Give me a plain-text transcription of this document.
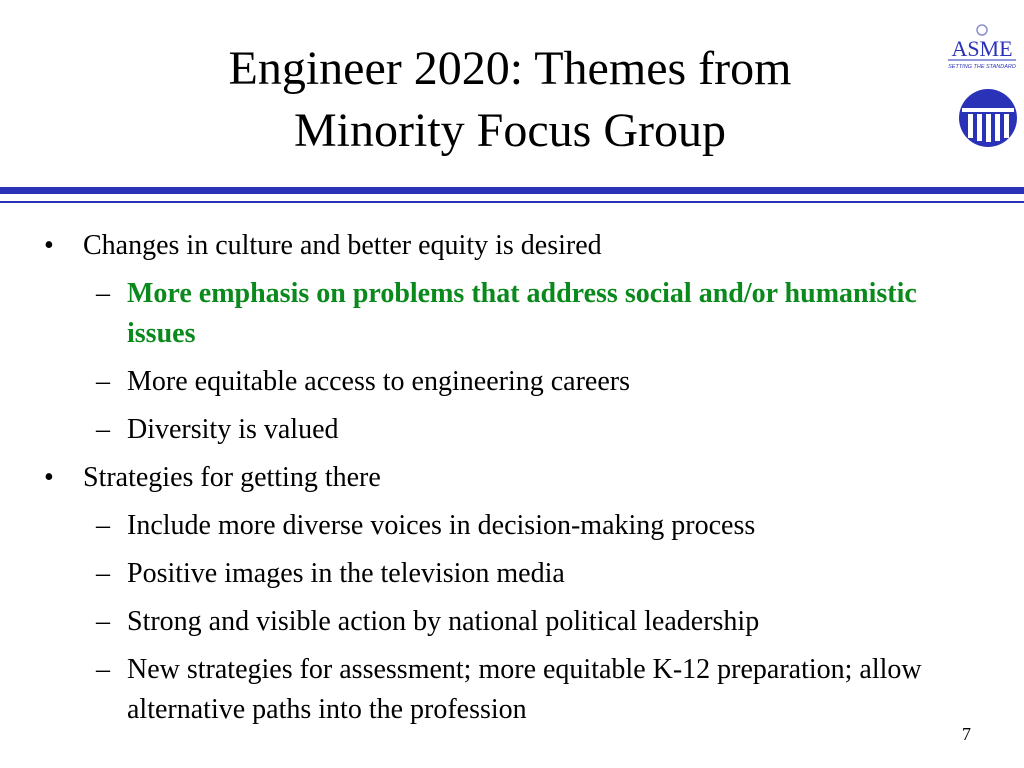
Engineer 2020: Themes from
Minority Focus Group
ASME
SETTING THE STANDARD
•	Changes in culture and better equity is desired
– More emphasis on problems that address social and/or humanistic issues
– More equitable access to engineering careers
– Diversity is valued
•	Strategies for getting there
– Include more diverse voices in decision-making process
– Positive images in the television media
– Strong and visible action by national political leadership
– New strategies for assessment; more equitable K-12 preparation; allow alternative paths into the profession
7
